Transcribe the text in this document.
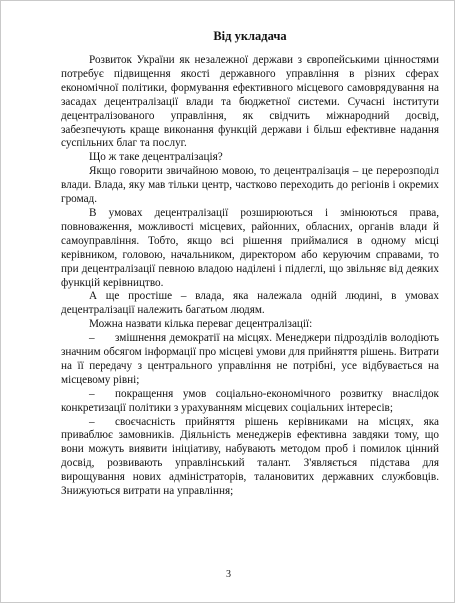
Від укладача

Розвиток України як незалежної держави з європейськими цінностями потребує підвищення якості державного управління в різних сферах економічної політики, формування ефективного місцевого самоврядування на засадах децентралізації влади та бюджетної системи. Сучасні інститути децентралізованого управління, як свідчить міжнародний досвід, забезпечують краще виконання функцій держави і більш ефективне надання суспільних благ та послуг.

Що ж таке децентралізація?

Якщо говорити звичайною мовою, то децентралізація – це перерозподіл влади. Влада, яку мав тільки центр, частково переходить до регіонів і окремих громад.

В умовах децентралізації розширюються і змінюються права, повноваження, можливості місцевих, районних, обласних, органів влади й самоуправління. Тобто, якщо всі рішення приймалися в одному місці керівником, головою, начальником, директором або керуючим справами, то при децентралізації певною владою наділені і підлеглі, що звільняє від деяких функцій керівництво.

А ще простіше – влада, яка належала одній людині, в умовах децентралізації належить багатьом людям.

Можна назвати кілька переваг децентралізації:

– змішнення демократії на місцях. Менеджери підрозділів володіють значним обсягом інформації про місцеві умови для прийняття рішень. Витрати на її передачу з центрального управління не потрібні, усе відбувається на місцевому рівні;

– покращення умов соціально-економічного розвитку внаслідок конкретизації політики з урахуванням місцевих соціальних інтересів;

– своєчасність прийняття рішень керівниками на місцях, яка приваблює замовників. Діяльність менеджерів ефективна завдяки тому, що вони можуть виявити ініціативу, набувають методом проб і помилок цінний досвід, розвивають управлінський талант. З'являється підстава для вирощування нових адміністраторів, талановитих державних службовців. Знижуються витрати на управління;

3
